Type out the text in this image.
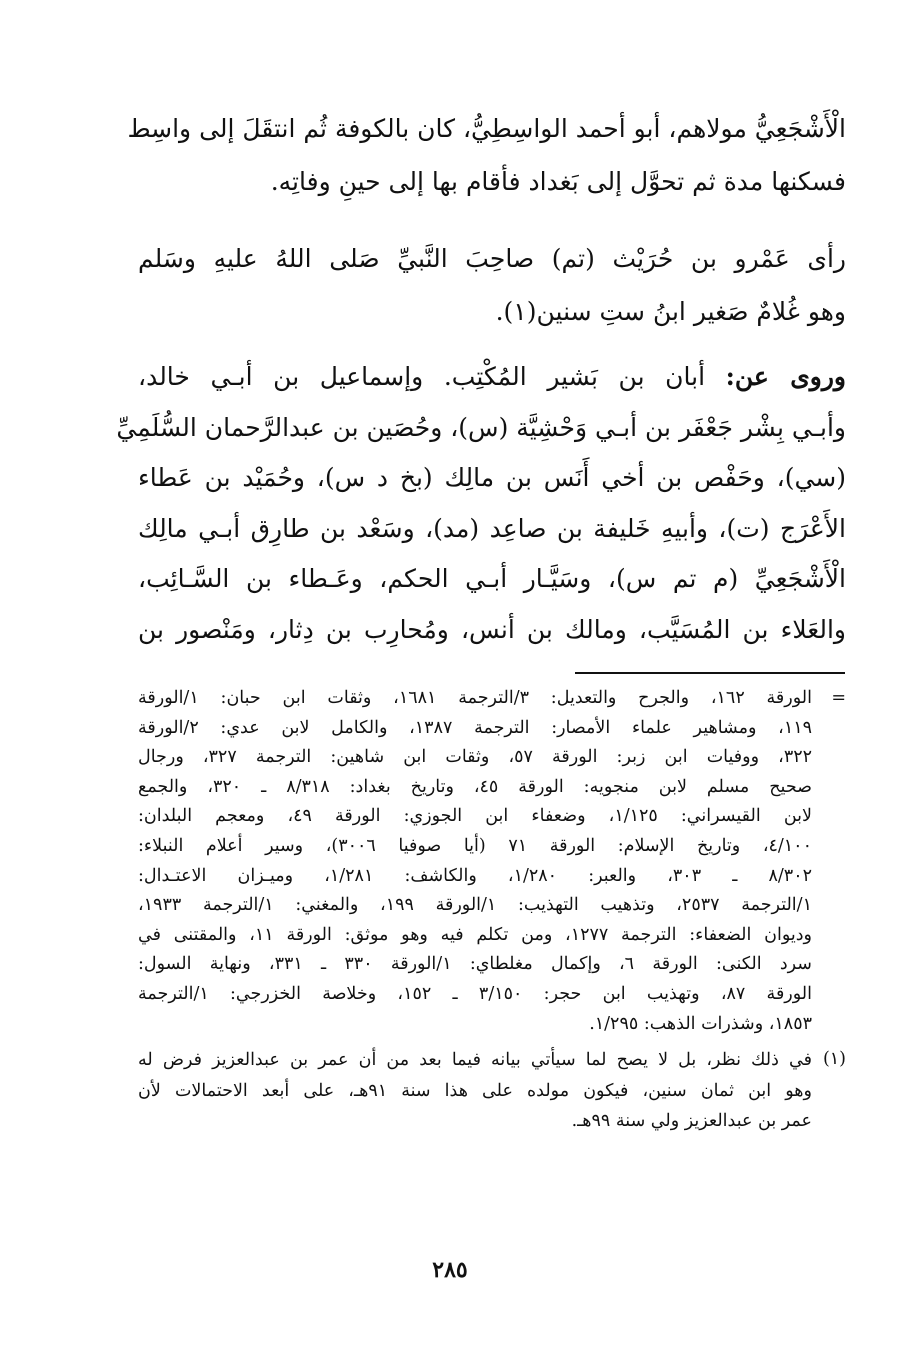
الْأَشْجَعِيُّ مولاهم، أبو أحمد الواسِطِيُّ، كان بالكوفة ثُم انتقَلَ إلى واسِط
فسكنها مدة ثم تحوَّل إلى بَغداد فأقام بها إلى حينِ وفاتِه.

رأى عَمْرو بن حُرَيْث (تم) صاحِبَ النَّبيِّ صَلى اللهُ عليهِ وسَلم
وهو غُلامٌ صَغير ابنُ ستِ سنين(١).

وروى عن: أبان بن بَشير المُكْتِب. وإسماعيل بن أبـي خالد،
وأبـي بِشْر جَعْفَر بن أبـي وَحْشِيَّة (س)، وحُصَين بن عبدالرَّحمان السُّلَمِيِّ
(سي)، وحَفْص بن أخي أَنَس بن مالِك (بخ د س)، وحُمَيْد بن عَطاء
الأَعْرَج (ت)، وأبيهِ خَليفة بن صاعِد (مد)، وسَعْد بن طارِق أبـي مالِك
الْأَشْجَعِيِّ (م تم س)، وسَيَّـار أبـي الحكم، وعَـطاء بن السَّـائِب،
والعَلاء بن المُسَيَّب، ومالك بن أنس، ومُحارِب بن دِثار، ومَنْصور بن

=
الورقة ١٦٢، والجرح والتعديل: ٣/الترجمة ١٦٨١، وثقات ابن حبان: ١/الورقة
١١٩، ومشاهير علماء الأمصار: الترجمة ١٣٨٧، والكامل لابن عدي: ٢/الورقة
٣٢٢، ووفيات ابن زبر: الورقة ٥٧، وثقات ابن شاهين: الترجمة ٣٢٧، ورجال
صحيح مسلم لابن منجويه: الورقة ٤٥، وتاريخ بغداد: ٨/٣١٨ ـ ٣٢٠، والجمع
لابن القيسراني: ١/١٢٥، وضعفاء ابن الجوزي: الورقة ٤٩، ومعجم البلدان:
٤/١٠٠، وتاريخ الإسلام: الورقة ٧١ (أيا صوفيا ٣٠٠٦)، وسير أعلام النبلاء:
٨/٣٠٢ ـ ٣٠٣، والعبر: ١/٢٨٠، والكاشف: ١/٢٨١، وميـزان الاعتـدال:
١/الترجمة ٢٥٣٧، وتذهيب التهذيب: ١/الورقة ١٩٩، والمغني: ١/الترجمة ١٩٣٣،
وديوان الضعفاء: الترجمة ١٢٧٧، ومن تكلم فيه وهو موثق: الورقة ١١، والمقتنى في
سرد الكنى: الورقة ٦، وإكمال مغلطاي: ١/الورقة ٣٣٠ ـ ٣٣١، ونهاية السول:
الورقة ٨٧، وتهذيب ابن حجر: ٣/١٥٠ ـ ١٥٢، وخلاصة الخزرجي: ١/الترجمة
١٨٥٣، وشذرات الذهب: ١/٢٩٥.

(١)
في ذلك نظر، بل لا يصح لما سيأتي بيانه فيما بعد من أن عمر بن عبدالعزيز فرض له
وهو ابن ثمان سنين، فيكون مولده على هذا سنة ٩١هـ، على أبعد الاحتمالات لأن
عمر بن عبدالعزيز ولي سنة ٩٩هـ.

٢٨٥
